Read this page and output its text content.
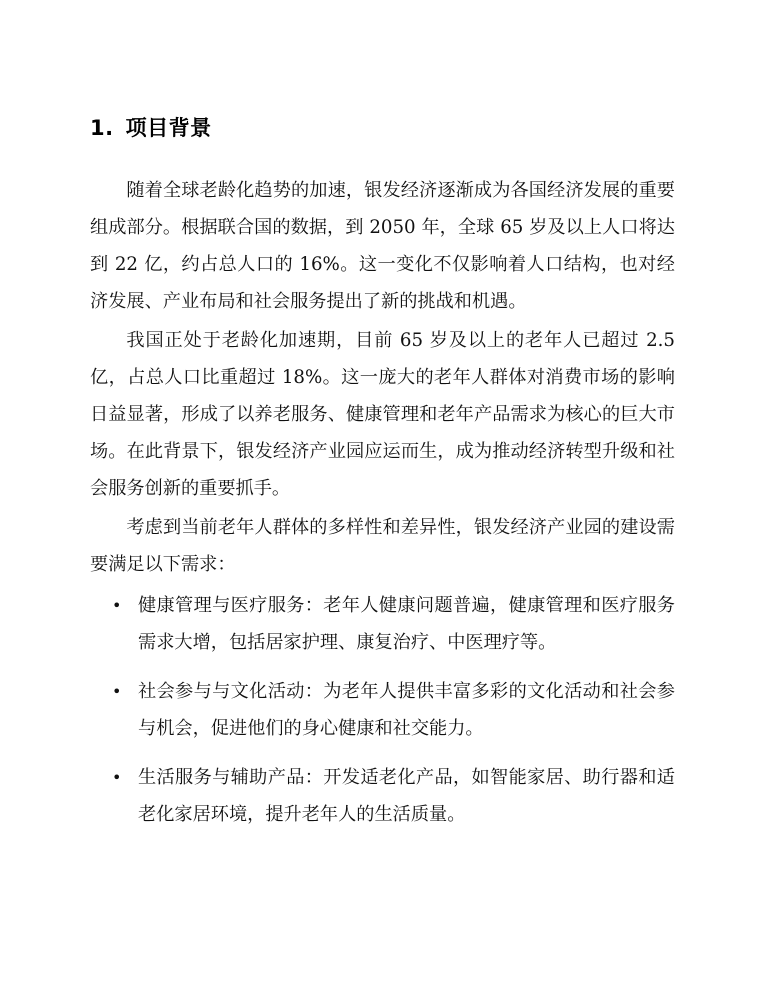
1. 项目背景

随着全球老龄化趋势的加速，银发经济逐渐成为各国经济发展的重要组成部分。根据联合国的数据，到 2050 年，全球 65 岁及以上人口将达到 22 亿，约占总人口的 16%。这一变化不仅影响着人口结构，也对经济发展、产业布局和社会服务提出了新的挑战和机遇。

我国正处于老龄化加速期，目前 65 岁及以上的老年人已超过 2.5 亿，占总人口比重超过 18%。这一庞大的老年人群体对消费市场的影响日益显著，形成了以养老服务、健康管理和老年产品需求为核心的巨大市场。在此背景下，银发经济产业园应运而生，成为推动经济转型升级和社会服务创新的重要抓手。

考虑到当前老年人群体的多样性和差异性，银发经济产业园的建设需要满足以下需求：

• 健康管理与医疗服务：老年人健康问题普遍，健康管理和医疗服务需求大增，包括居家护理、康复治疗、中医理疗等。
• 社会参与与文化活动：为老年人提供丰富多彩的文化活动和社会参与机会，促进他们的身心健康和社交能力。
• 生活服务与辅助产品：开发适老化产品，如智能家居、助行器和适老化家居环境，提升老年人的生活质量。
